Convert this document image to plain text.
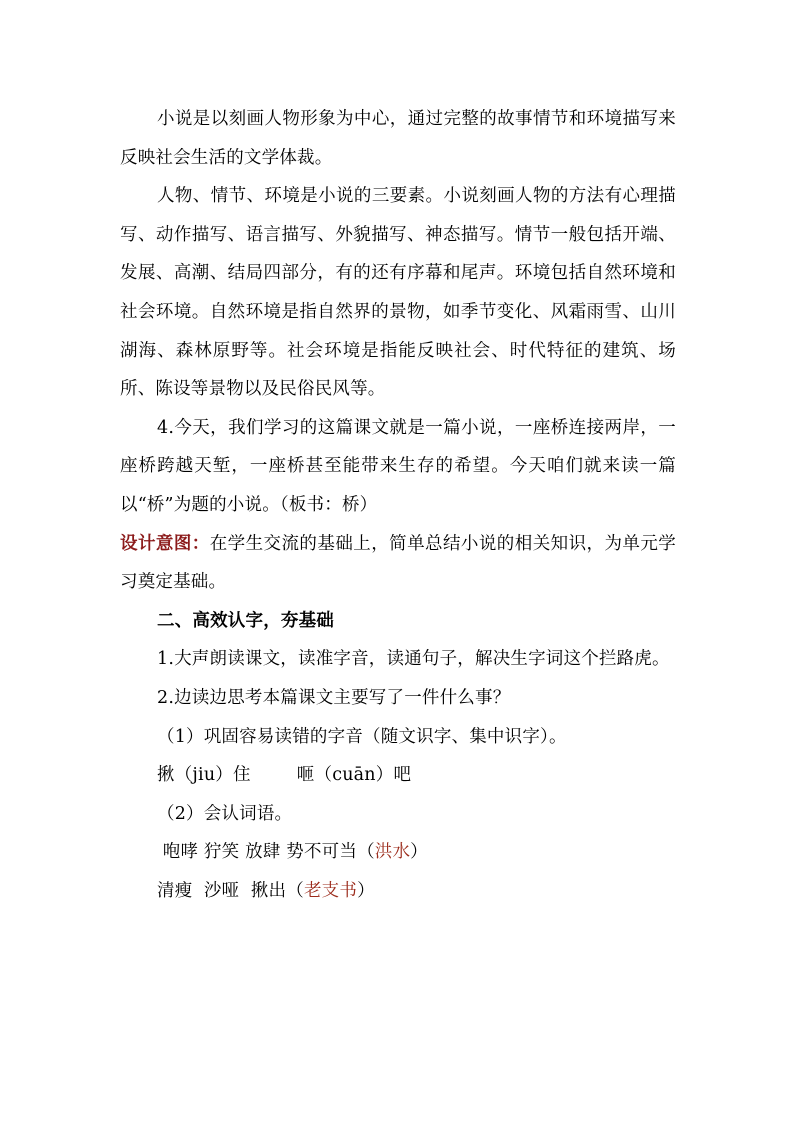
小说是以刻画人物形象为中心，通过完整的故事情节和环境描写来反映社会生活的文学体裁。

人物、情节、环境是小说的三要素。小说刻画人物的方法有心理描写、动作描写、语言描写、外貌描写、神态描写。情节一般包括开端、发展、高潮、结局四部分，有的还有序幕和尾声。环境包括自然环境和社会环境。自然环境是指自然界的景物，如季节变化、风霜雨雪、山川湖海、森林原野等。社会环境是指能反映社会、时代特征的建筑、场所、陈设等景物以及民俗民风等。

4.今天，我们学习的这篇课文就是一篇小说，一座桥连接两岸，一座桥跨越天堑，一座桥甚至能带来生存的希望。今天咱们就来读一篇以“桥”为题的小说。（板书：桥）

设计意图：在学生交流的基础上，简单总结小说的相关知识，为单元学习奠定基础。

二、高效认字，夯基础

1.大声朗读课文，读准字音，读通句子，解决生字词这个拦路虎。

2.边读边思考本篇课文主要写了一件什么事？

（1）巩固容易读错的字音（随文识字、集中识字）。

揪（jiu）住        咂（cuān）吧

（2）会认词语。

咆哮 狞笑 放肆 势不可当（洪水）

清瘦  沙哑  揪出（老支书）
